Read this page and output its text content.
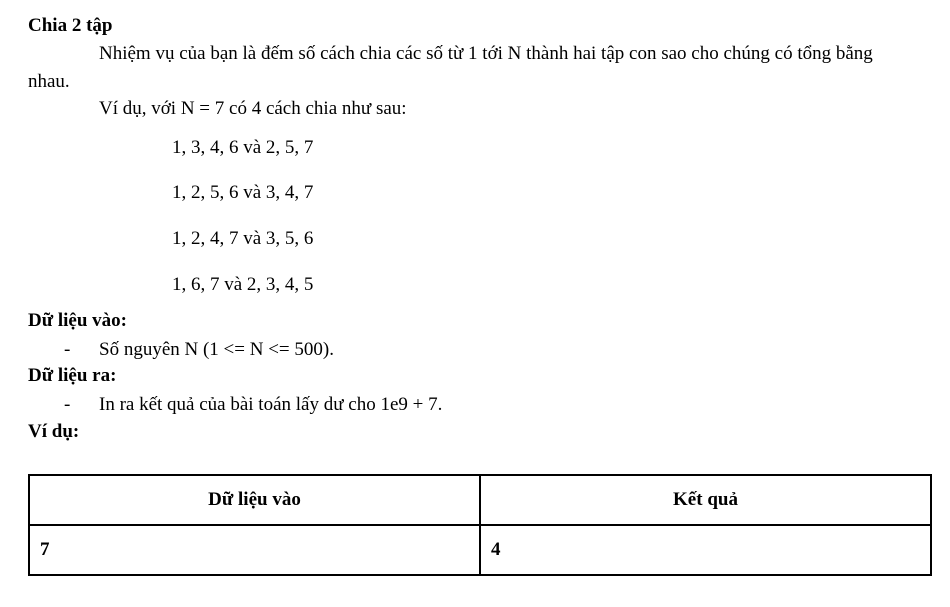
Chia 2 tập
Nhiệm vụ của bạn là đếm số cách chia các số từ 1 tới N thành hai tập con sao cho chúng có tổng bằng
nhau.
Ví dụ, với N = 7 có 4 cách chia như sau:
1, 3, 4, 6 và 2, 5, 7
1, 2, 5, 6 và 3, 4, 7
1, 2, 4, 7 và 3, 5, 6
1, 6, 7 và 2, 3, 4, 5
Dữ liệu vào:
- Số nguyên N (1 <= N <= 500).
Dữ liệu ra:
- In ra kết quả của bài toán lấy dư cho 1e9 + 7.
Ví dụ:
Dữ liệu vào	Kết quả
7	4
